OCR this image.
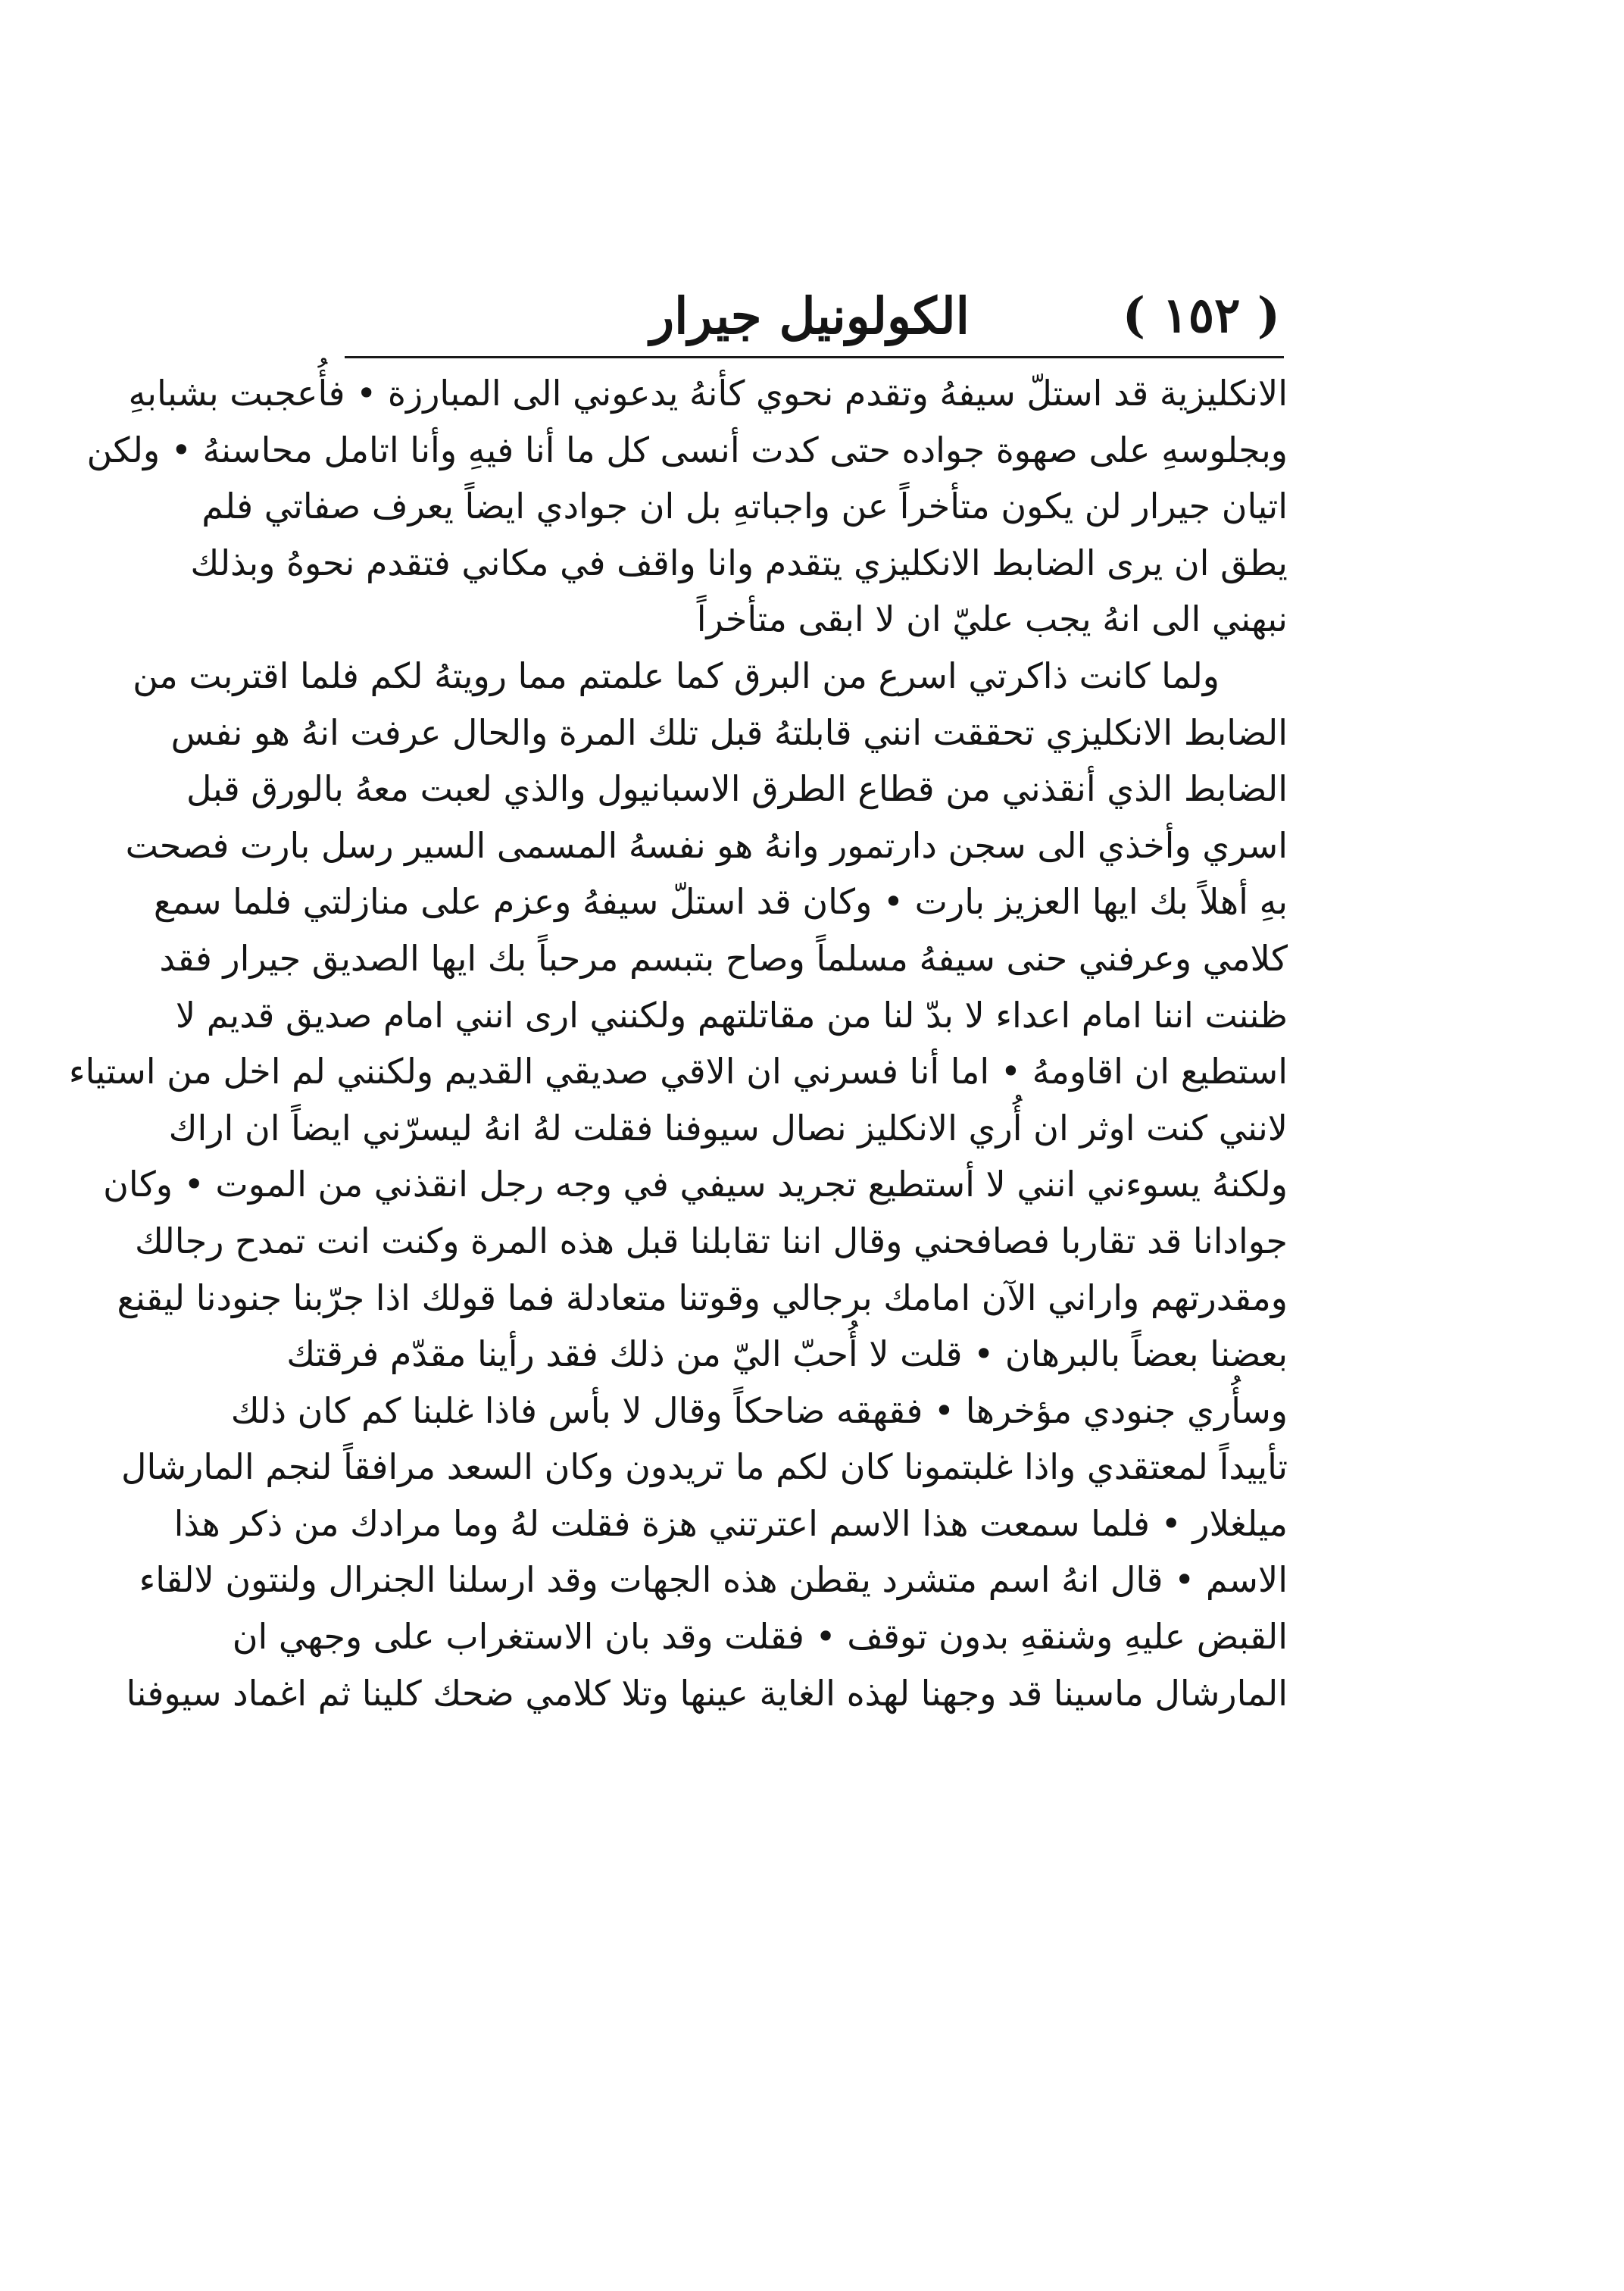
( ١٥٢ )
الكولونيل جيرار
الانكليزية قد استلّ سيفهُ وتقدم نحوي كأنهُ يدعوني الى المبارزة • فأُعجبت بشبابهِ
وبجلوسهِ على صهوة جواده حتى كدت أنسى كل ما أنا فيهِ وأنا اتامل محاسنهُ • ولكن
اتيان جيرار لن يكون متأخراً عن واجباتهِ بل ان جوادي ايضاً يعرف صفاتي فلم
يطق ان يرى الضابط الانكليزي يتقدم وانا واقف في مكاني فتقدم نحوهُ وبذلك
نبهني الى انهُ يجب عليّ ان لا ابقى متأخراً
ولما كانت ذاكرتي اسرع من البرق كما علمتم مما رويتهُ لكم فلما اقتربت من
الضابط الانكليزي تحققت انني قابلتهُ قبل تلك المرة والحال عرفت انهُ هو نفس
الضابط الذي أنقذني من قطاع الطرق الاسبانيول والذي لعبت معهُ بالورق قبل
اسري وأخذي الى سجن دارتمور وانهُ هو نفسهُ المسمى السير رسل بارت فصحت
بهِ أهلاً بك ايها العزيز بارت • وكان قد استلّ سيفهُ وعزم على منازلتي فلما سمع
كلامي وعرفني حنى سيفهُ مسلماً وصاح بتبسم مرحباً بك ايها الصديق جيرار فقد
ظننت اننا امام اعداء لا بدّ لنا من مقاتلتهم ولكنني ارى انني امام صديق قديم لا
استطيع ان اقاومهُ • اما أنا فسرني ان الاقي صديقي القديم ولكنني لم اخل من استياء
لانني كنت اوثر ان أُري الانكليز نصال سيوفنا فقلت لهُ انهُ ليسرّني ايضاً ان اراك
ولكنهُ يسوءني انني لا أستطيع تجريد سيفي في وجه رجل انقذني من الموت • وكان
جوادانا قد تقاربا فصافحني وقال اننا تقابلنا قبل هذه المرة وكنت انت تمدح رجالك
ومقدرتهم واراني الآن امامك برجالي وقوتنا متعادلة فما قولك اذا جرّبنا جنودنا ليقنع
بعضنا بعضاً بالبرهان • قلت لا أُحبّ اليّ من ذلك فقد رأينا مقدّم فرقتك
وسأُري جنودي مؤخرها • فقهقه ضاحكاً وقال لا بأس فاذا غلبنا كم كان ذلك
تأييداً لمعتقدي واذا غلبتمونا كان لكم ما تريدون وكان السعد مرافقاً لنجم المارشال
ميلغلار • فلما سمعت هذا الاسم اعترتني هزة فقلت لهُ وما مرادك من ذكر هذا
الاسم • قال انهُ اسم متشرد يقطن هذه الجهات وقد ارسلنا الجنرال ولنتون لالقاء
القبض عليهِ وشنقهِ بدون توقف • فقلت وقد بان الاستغراب على وجهي ان
المارشال ماسينا قد وجهنا لهذه الغاية عينها وتلا كلامي ضحك كلينا ثم اغماد سيوفنا
